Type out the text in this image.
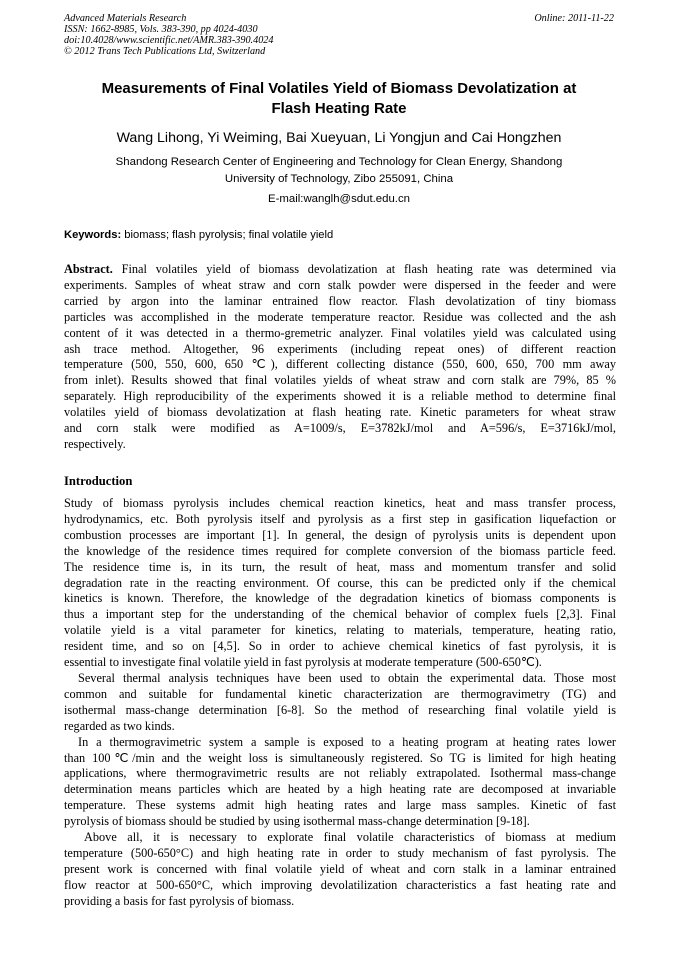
Advanced Materials Research
ISSN: 1662-8985, Vols. 383-390, pp 4024-4030
doi:10.4028/www.scientific.net/AMR.383-390.4024
© 2012 Trans Tech Publications Ltd, Switzerland
Online: 2011-11-22
Measurements of Final Volatiles Yield of Biomass Devolatization at
Flash Heating Rate
Wang Lihong, Yi Weiming, Bai Xueyuan, Li Yongjun and Cai Hongzhen
Shandong Research Center of Engineering and Technology for Clean Energy, Shandong
University of Technology, Zibo 255091, China
E-mail:wanglh@sdut.edu.cn
Keywords: biomass; flash pyrolysis; final volatile yield
Abstract. Final volatiles yield of biomass devolatization at flash heating rate was determined via
experiments. Samples of wheat straw and corn stalk powder were dispersed in the feeder and were
carried by argon into the laminar entrained flow reactor. Flash devolatization of tiny biomass
particles was accomplished in the moderate temperature reactor. Residue was collected and the ash
content of it was detected in a thermo-gremetric analyzer. Final volatiles yield was calculated using
ash trace method. Altogether, 96 experiments (including repeat ones) of different reaction
temperature (500, 550, 600, 650 ℃), different collecting distance (550, 600, 650, 700 mm away
from inlet). Results showed that final volatiles yields of wheat straw and corn stalk are 79%, 85 %
separately. High reproducibility of the experiments showed it is a reliable method to determine final
volatiles yield of biomass devolatization at flash heating rate. Kinetic parameters for wheat straw
and corn stalk were modified as A=1009/s, E=3782kJ/mol and A=596/s, E=3716kJ/mol,
respectively.
Introduction
Study of biomass pyrolysis includes chemical reaction kinetics, heat and mass transfer process,
hydrodynamics, etc. Both pyrolysis itself and pyrolysis as a first step in gasification liquefaction or
combustion processes are important [1]. In general, the design of pyrolysis units is dependent upon
the knowledge of the residence times required for complete conversion of the biomass particle feed.
The residence time is, in its turn, the result of heat, mass and momentum transfer and solid
degradation rate in the reacting environment. Of course, this can be predicted only if the chemical
kinetics is known. Therefore, the knowledge of the degradation kinetics of biomass components is
thus a important step for the understanding of the chemical behavior of complex fuels [2,3]. Final
volatile yield is a vital parameter for kinetics, relating to materials, temperature, heating ratio,
resident time, and so on [4,5]. So in order to achieve chemical kinetics of fast pyrolysis, it is
essential to investigate final volatile yield in fast pyrolysis at moderate temperature (500-650℃).
Several thermal analysis techniques have been used to obtain the experimental data. Those most
common and suitable for fundamental kinetic characterization are thermogravimetry (TG) and
isothermal mass-change determination [6-8]. So the method of researching final volatile yield is
regarded as two kinds.
In a thermogravimetric system a sample is exposed to a heating program at heating rates lower
than 100℃/min and the weight loss is simultaneously registered. So TG is limited for high heating
applications, where thermogravimetric results are not reliably extrapolated. Isothermal mass-change
determination means particles which are heated by a high heating rate are decomposed at invariable
temperature. These systems admit high heating rates and large mass samples. Kinetic of fast
pyrolysis of biomass should be studied by using isothermal mass-change determination [9-18].
Above all, it is necessary to explorate final volatile characteristics of biomass at medium
temperature (500-650°C) and high heating rate in order to study mechanism of fast pyrolysis. The
present work is concerned with final volatile yield of wheat and corn stalk in a laminar entrained
flow reactor at 500-650°C, which improving devolatilization characteristics a fast heating rate and
providing a basis for fast pyrolysis of biomass.
